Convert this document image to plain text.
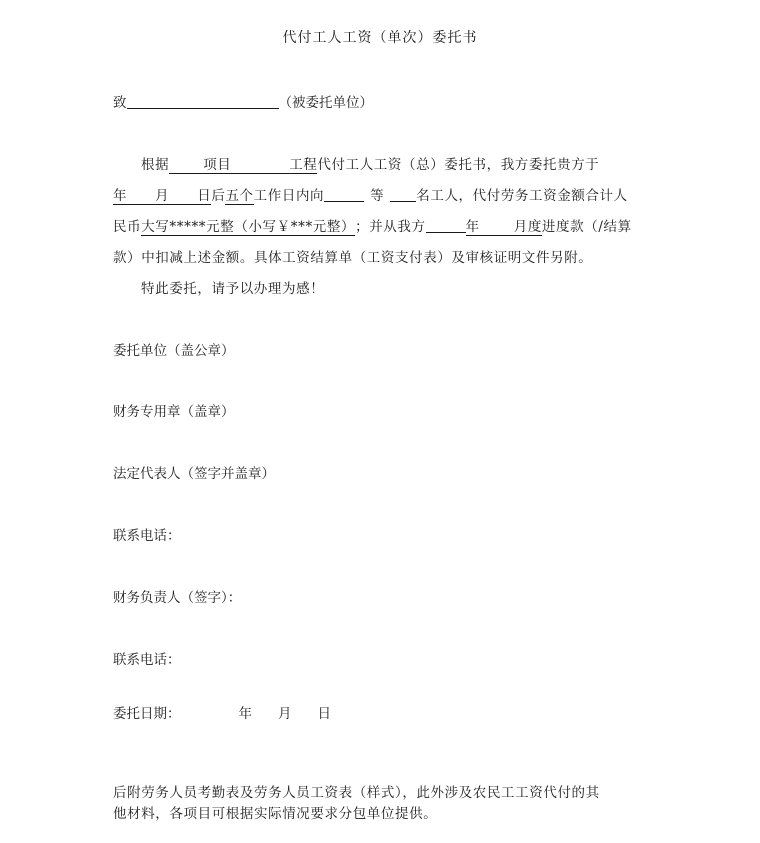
代付工人工资（单次）委托书
致	（被委托单位）
根据	项目	工程代付工人工资（总）委托书，我方委托贵方于
年 月 日后五个工作日内向	等 名工人，代付劳务工资金额合计人
民币大写*****元整（小写￥***元整）；并从我方	年	月度进度款（/结算
款）中扣减上述金额。具体工资结算单（工资支付表）及审核证明文件另附。
特此委托，请予以办理为感！
委托单位（盖公章）
财务专用章（盖章）
法定代表人（签字并盖章）
联系电话：
财务负责人（签字）：
联系电话：
委托日期：	年 月 日
后附劳务人员考勤表及劳务人员工资表（样式），此外涉及农民工工资代付的其
他材料，各项目可根据实际情况要求分包单位提供。
